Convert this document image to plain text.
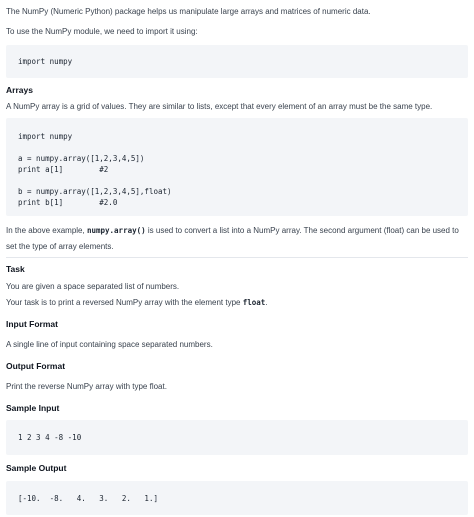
The NumPy (Numeric Python) package helps us manipulate large arrays and matrices of numeric data.
To use the NumPy module, we need to import it using:
import numpy
Arrays
A NumPy array is a grid of values. They are similar to lists, except that every element of an array must be the same type.
import numpy
a = numpy.array([1,2,3,4,5])
print a[1]        #2
b = numpy.array([1,2,3,4,5],float)
print b[1]        #2.0
In the above example, numpy.array() is used to convert a list into a NumPy array. The second argument (float) can be used to
set the type of array elements.
Task
You are given a space separated list of numbers.
Your task is to print a reversed NumPy array with the element type float.
Input Format
A single line of input containing space separated numbers.
Output Format
Print the reverse NumPy array with type float.
Sample Input
1 2 3 4 -8 -10
Sample Output
[-10.  -8.   4.   3.   2.   1.]
